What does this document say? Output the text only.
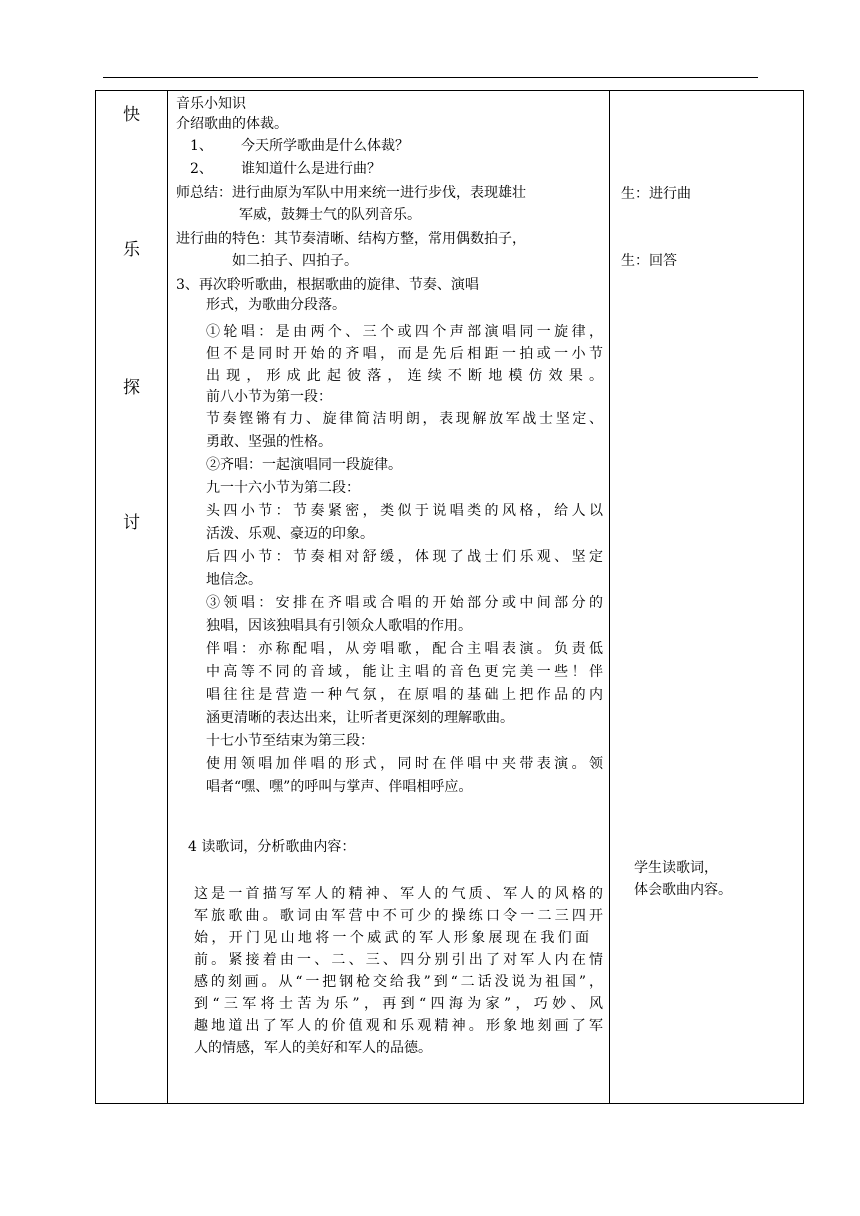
快
乐
探
讨
音乐小知识
介绍歌曲的体裁。
1、 今天所学歌曲是什么体裁？
2、 谁知道什么是进行曲？
师总结：进行曲原为军队中用来统一进行步伐，表现雄壮
军威，鼓舞士气的队列音乐。
进行曲的特色：其节奏清晰、结构方整，常用偶数拍子，
如二拍子、四拍子。
3、再次聆听歌曲，根据歌曲的旋律、节奏、演唱
形式，为歌曲分段落。
①轮唱：是由两个、三个或四个声部演唱同一旋律，
但不是同时开始的齐唱，而是先后相距一拍或一小节
出现，形成此起彼落，连续不断地模仿效果。
前八小节为第一段：
节奏铿锵有力、旋律简洁明朗，表现解放军战士坚定、
勇敢、坚强的性格。
②齐唱：一起演唱同一段旋律。
九一十六小节为第二段：
头四小节：节奏紧密，类似于说唱类的风格，给人以
活泼、乐观、豪迈的印象。
后四小节：节奏相对舒缓，体现了战士们乐观、坚定
地信念。
③领唱：安排在齐唱或合唱的开始部分或中间部分的
独唱，因该独唱具有引领众人歌唱的作用。
伴唱：亦称配唱，从旁唱歌，配合主唱表演。负责低
中高等不同的音域，能让主唱的音色更完美一些！伴
唱往往是营造一种气氛，在原唱的基础上把作品的内
涵更清晰的表达出来，让听者更深刻的理解歌曲。
十七小节至结束为第三段：
使用领唱加伴唱的形式，同时在伴唱中夹带表演。领
唱者“嘿、嘿”的呼叫与掌声、伴唱相呼应。
4 读歌词，分析歌曲内容：
这是一首描写军人的精神、军人的气质、军人的风格的
军旅歌曲。歌词由军营中不可少的操练口令一二三四开
始，开门见山地将一个威武的军人形象展现在我们面
前。紧接着由一、二、三、四分别引出了对军人内在情
感的刻画。从“一把钢枪交给我”到“二话没说为祖国”，
到“三军将士苦为乐”，再到“四海为家”，巧妙、风
趣地道出了军人的价值观和乐观精神。形象地刻画了军
人的情感，军人的美好和军人的品德。
生：进行曲
生：回答
学生读歌词，
体会歌曲内容。
